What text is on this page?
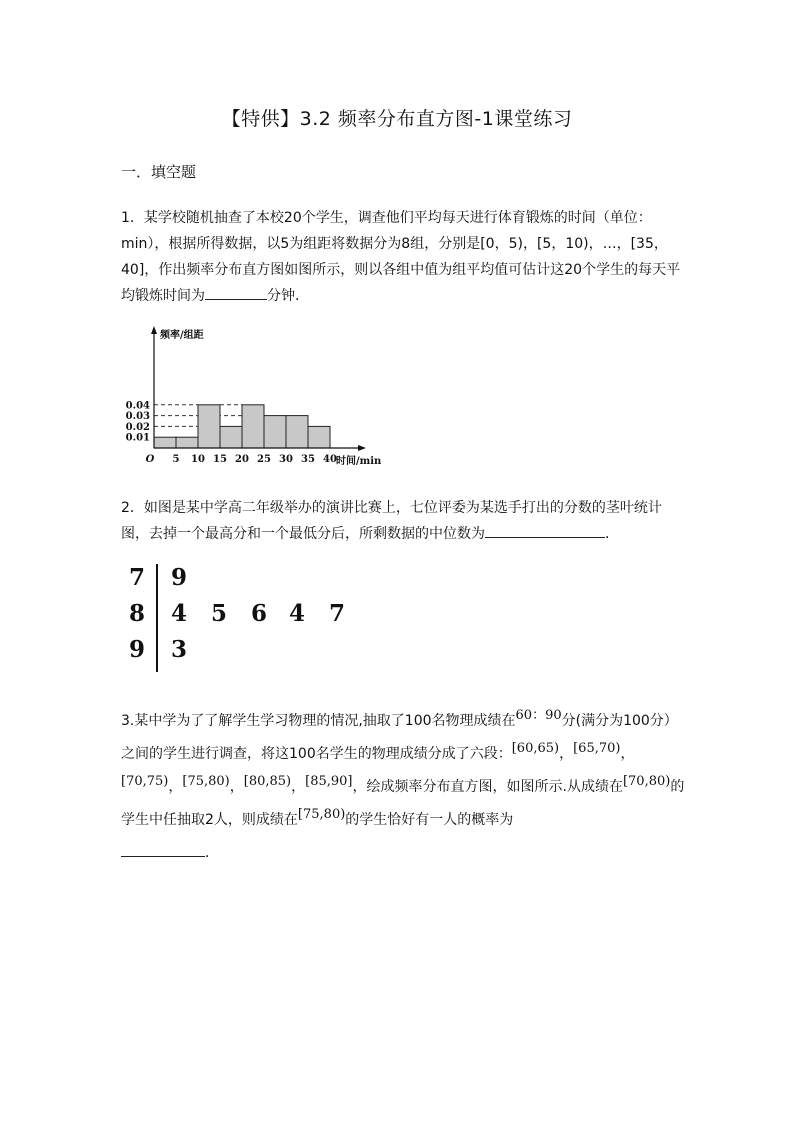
【特供】3.2 频率分布直方图-1课堂练习
一．填空题
1．某学校随机抽查了本校20个学生，调查他们平均每天进行体育锻炼的时间（单位：min），根据所得数据，以5为组距将数据分为8组，分别是[0，5)，[5，10)，…，[35，40]，作出频率分布直方图如图所示，则以各组中值为组平均值可估计这20个学生的每天平均锻炼时间为	分钟．
0.01
0.02
0.03
0.04
O 5 10 15 20 25 30 35 40
频率/组距
时间/min
2．如图是某中学高二年级举办的演讲比赛上，七位评委为某选手打出的分数的茎叶统计图，去掉一个最高分和一个最低分后，所剩数据的中位数为	．
7 9
8 4 5 6 4 7
9 3
3.某中学为了了解学生学习物理的情况,抽取了100名物理成绩在60：90分(满分为100分）之间的学生进行调查，将这100名学生的物理成绩分成了六段：[60,65)，[65,70)，[70,75)，[75,80)，[80,85)，[85,90]，绘成频率分布直方图，如图所示.从成绩在[70,80)的学生中任抽取2人，则成绩在[75,80)的学生恰好有一人的概率为
.
